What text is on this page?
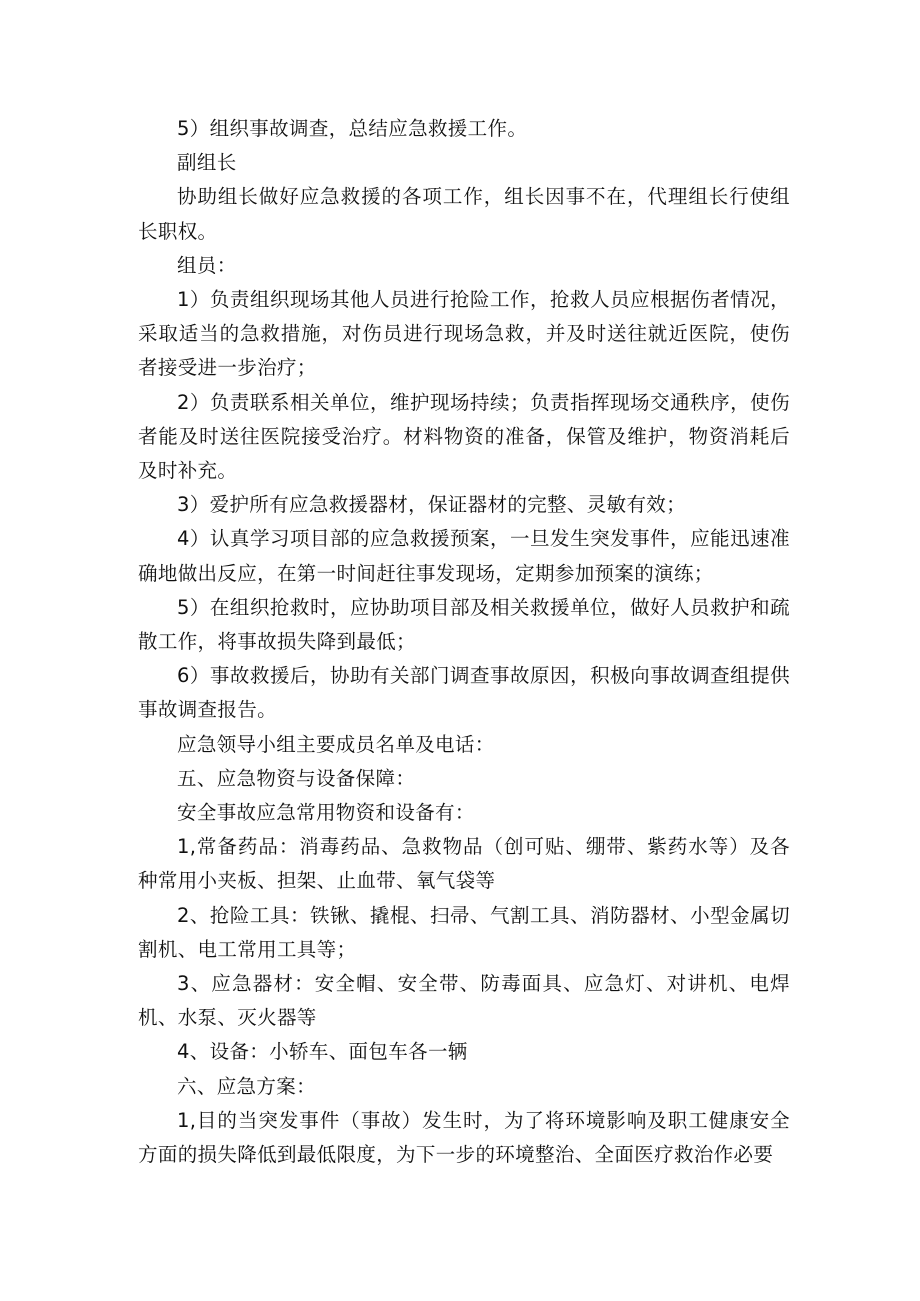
5）组织事故调查，总结应急救援工作。

副组长

协助组长做好应急救援的各项工作，组长因事不在，代理组长行使组长职权。

组员：

1）负责组织现场其他人员进行抢险工作，抢救人员应根据伤者情况，采取适当的急救措施，对伤员进行现场急救，并及时送往就近医院，使伤者接受进一步治疗；

2）负责联系相关单位，维护现场持续；负责指挥现场交通秩序，使伤者能及时送往医院接受治疗。材料物资的准备，保管及维护，物资消耗后及时补充。

3）爱护所有应急救援器材，保证器材的完整、灵敏有效；

4）认真学习项目部的应急救援预案，一旦发生突发事件，应能迅速准确地做出反应，在第一时间赶往事发现场，定期参加预案的演练；

5）在组织抢救时，应协助项目部及相关救援单位，做好人员救护和疏散工作，将事故损失降到最低；

6）事故救援后，协助有关部门调查事故原因，积极向事故调查组提供事故调查报告。

应急领导小组主要成员名单及电话：

五、应急物资与设备保障：

安全事故应急常用物资和设备有：

1,常备药品：消毒药品、急救物品（创可贴、绷带、紫药水等）及各种常用小夹板、担架、止血带、氧气袋等

2、抢险工具：铁锹、撬棍、扫帚、气割工具、消防器材、小型金属切割机、电工常用工具等；

3、应急器材：安全帽、安全带、防毒面具、应急灯、对讲机、电焊机、水泵、灭火器等

4、设备：小轿车、面包车各一辆

六、应急方案：

1,目的当突发事件（事故）发生时，为了将环境影响及职工健康安全方面的损失降低到最低限度，为下一步的环境整治、全面医疗救治作必要
